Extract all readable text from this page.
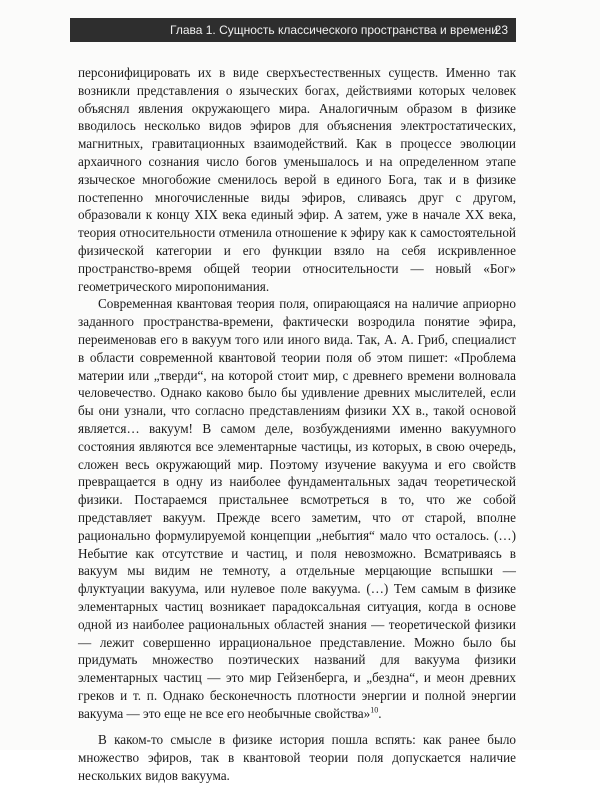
Глава 1. Сущность классического пространства и времени
23

персонифицировать их в виде сверхъестественных существ. Именно так возникли представления о языческих богах, действиями которых человек объяснял явления окружающего мира. Аналогичным образом в физике вводилось несколько видов эфиров для объяснения электростатических, магнитных, гравитационных взаимодействий. Как в процессе эволюции архаичного сознания число богов уменьшалось и на определенном этапе языческое многобожие сменилось верой в единого Бога, так и в физике постепенно многочисленные виды эфиров, сливаясь друг с другом, образовали к концу XIX века единый эфир. А затем, уже в начале XX века, теория относительности отменила отношение к эфиру как к самостоятельной физической категории и его функции взяло на себя искривленное пространство-время общей теории относительности — новый «Бог» геометрического миропонимания.

Современная квантовая теория поля, опирающаяся на наличие априорно заданного пространства-времени, фактически возродила понятие эфира, переименовав его в вакуум того или иного вида. Так, А. А. Гриб, специалист в области современной квантовой теории поля об этом пишет: «Проблема материи или „тверди“, на которой стоит мир, с древнего времени волновала человечество. Однако каково было бы удивление древних мыслителей, если бы они узнали, что согласно представлениям физики XX в., такой основой является… вакуум! В самом деле, возбуждениями именно вакуумного состояния являются все элементарные частицы, из которых, в свою очередь, сложен весь окружающий мир. Поэтому изучение вакуума и его свойств превращается в одну из наиболее фундаментальных задач теоретической физики. Постараемся пристальнее всмотреться в то, что же собой представляет вакуум. Прежде всего заметим, что от старой, вполне рационально формулируемой концепции „небытия“ мало что осталось. (…) Небытие как отсутствие и частиц, и поля невозможно. Всматриваясь в вакуум мы видим не темноту, а отдельные мерцающие вспышки — флуктуации вакуума, или нулевое поле вакуума. (…) Тем самым в физике элементарных частиц возникает парадоксальная ситуация, когда в основе одной из наиболее рациональных областей знания — теоретической физики — лежит совершенно иррациональное представление. Можно было бы придумать множество поэтических названий для вакуума физики элементарных частиц — это мир Гейзенберга, и „бездна“, и меон древних греков и т. п. Однако бесконечность плотности энергии и полной энергии вакуума — это еще не все его необычные свойства»$^{10}$.

В каком-то смысле в физике история пошла вспять: как ранее было множество эфиров, так в квантовой теории поля допускается наличие нескольких видов вакуума.
